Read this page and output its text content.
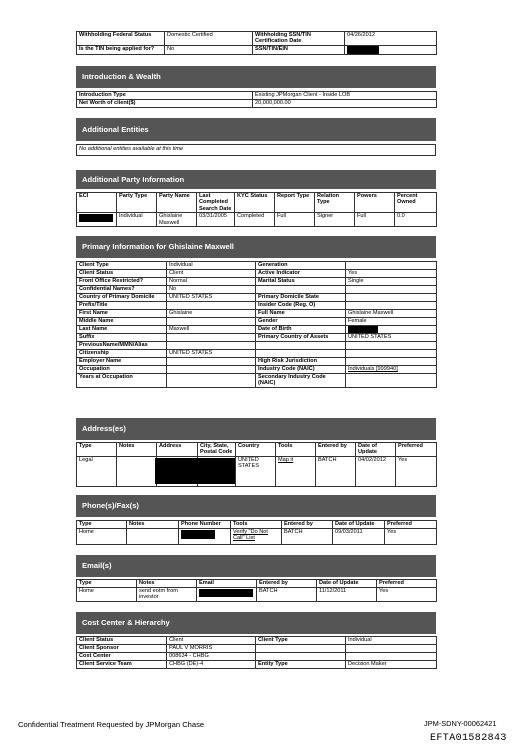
Withholding Federal Status	Domestic Certified	Withholding SSN/TIN Certification Date	04/26/2012
Is the TIN being applied for?	No	SSN/TIN/EIN	
Introduction & Wealth
Introduction Type	Existing JPMorgan Client - Inside LOB
Net Worth of client($)	20,000,000.00
Additional Entities
No additional entities available at this time
Additional Party Information
ECI	Party Type	Party Name	Last Completed Search Date	KYC Status	Report Type	Relation Type	Powers	Percent Owned
	Individual	Ghislaine Maxwell	03/31/2005	Completed	Full	Signer	Full	0.0
Primary Information for Ghislaine Maxwell
Client Type	Individual	Generation	
Client Status	Client	Active Indicator	Yes
Front Office Restricted?	Normal	Marital Status	Single
Confidential Names?	No		
Country of Primary Domicile	UNITED STATES	Primary Domicile State	
Prefix/Title		Insider Code (Reg. O)	
First Name	Ghislaine	Full Name	Ghislaine Maxwell
Middle Name		Gender	Female
Last Name	Maxwell	Date of Birth	
Suffix		Primary Country of Assets	UNITED STATES
PreviousName/MMN/Alias			
Citizenship	UNITED STATES		
Employer Name		High Risk Jurisdiction	
Occupation		Industry Code (NAIC)	Individuals [999940]
Years at Occupation		Secondary Industry Code (NAIC)	
Address(es)
Type	Notes	Address	City, State, Postal Code	Country	Tools	Entered by	Date of Update	Preferred
Legal				UNITED STATES	Map it	BATCH	04/02/2012	Yes
Phone(s)/Fax(s)
Type	Notes	Phone Number	Tools	Entered by	Date of Update	Preferred
Home			Verify "Do Not Call" List	BATCH	09/03/2011	Yes
Email(s)
Type	Notes	Email	Entered by	Date of Update	Preferred
Home	send eotm from investor		BATCH	11/12/2011	Yes
Cost Center & Hierarchy
Client Status	Client	Client Type	Individual
Client Sponsor	PAUL V MORRIS		
Cost Center	008634 - CHBG		
Client Service Team	CHBG (DE)-4	Entity Type	Decision Maker
Confidential Treatment Requested by JPMorgan Chase	JPM-SDNY-00062421
EFTA01582843
